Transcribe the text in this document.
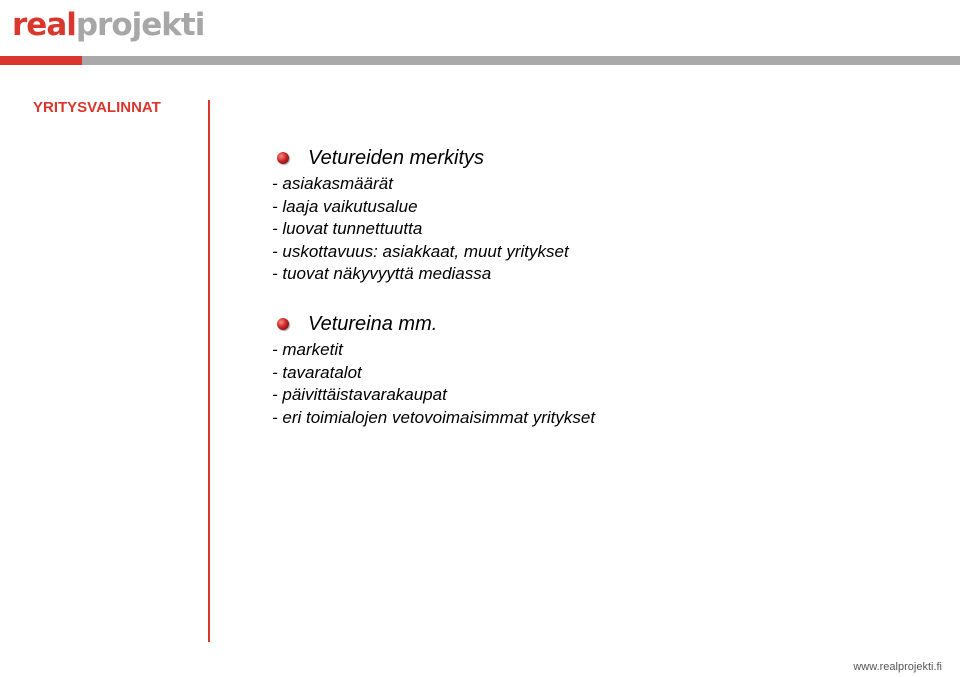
realprojekti
YRITYSVALINNAT
Vetureiden merkitys
- asiakasmäärät
- laaja vaikutusalue
- luovat tunnettuutta
- uskottavuus: asiakkaat, muut yritykset
- tuovat näkyvyyttä mediassa
Vetureina mm.
- marketit
- tavaratalot
- päivittäistavarakaupat
- eri toimialojen vetovoimaisimmat yritykset
www.realprojekti.fi
